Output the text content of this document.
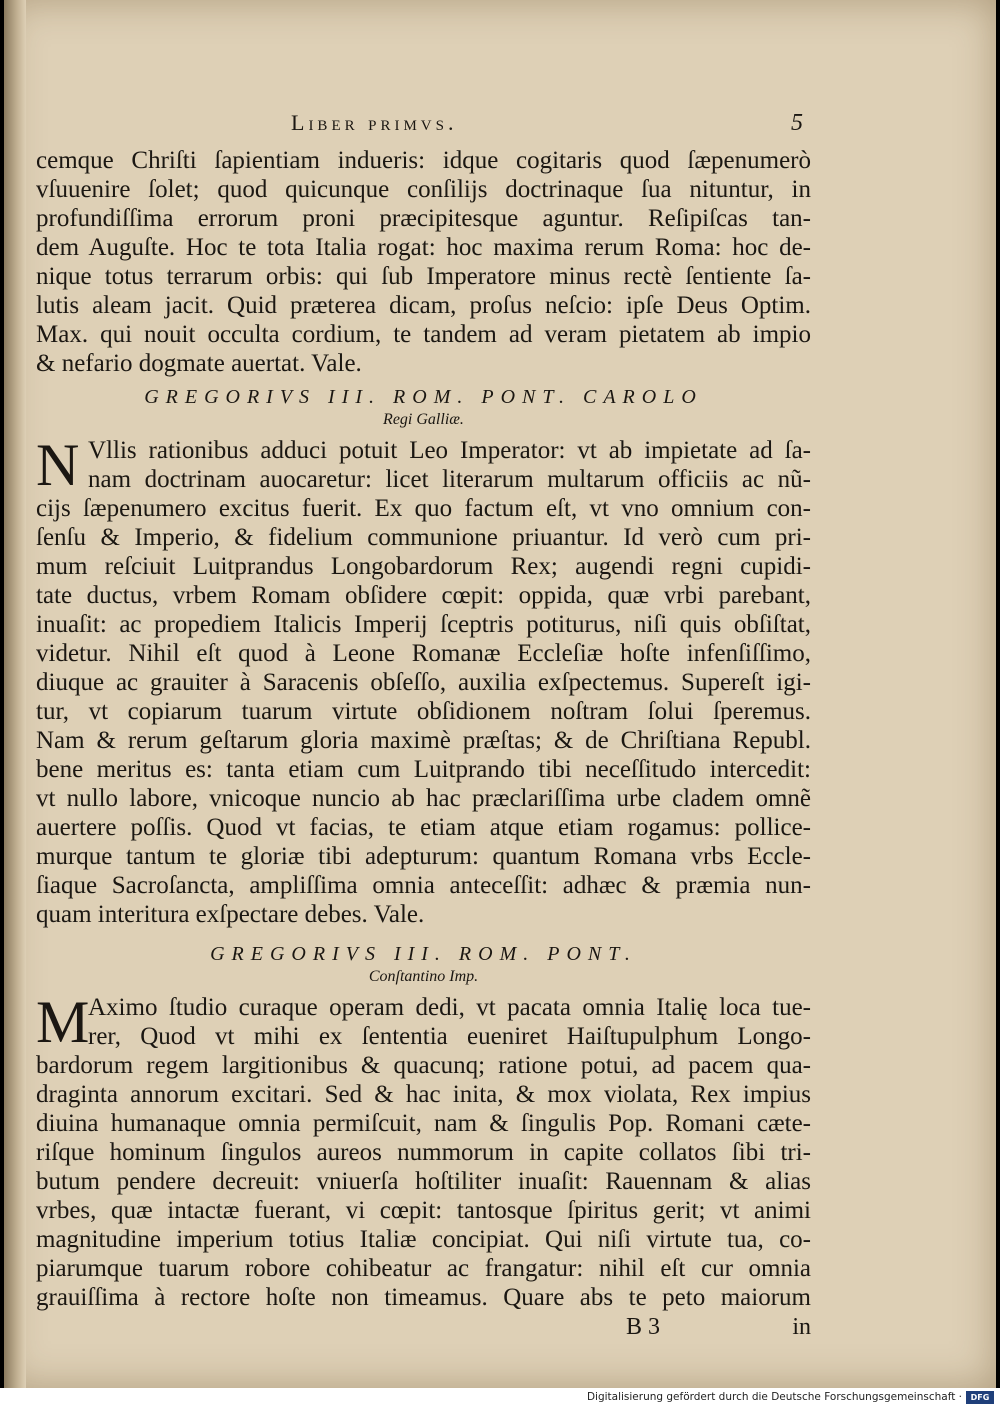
Liber primvs.	5

cemque Chriſti ſapientiam indueris: idque cogitaris quod ſæpenumerò

vſuuenire ſolet; quod quicunque conſilijs doctrinaque ſua nituntur, in

profundiſſima errorum proni præcipitesque aguntur. Reſipiſcas tan-

dem Auguſte. Hoc te tota Italia rogat: hoc maxima rerum Roma: hoc de-

nique totus terrarum orbis: qui ſub Imperatore minus rectè ſentiente ſa-

lutis aleam jacit. Quid præterea dicam, proſus neſcio: ipſe Deus Optim.

Max. qui nouit occulta cordium, te tandem ad veram pietatem ab impio

& nefario dogmate auertat. Vale.

GREGORIVS III. ROM. PONT. CAROLO

Regi Galliæ.

N Vllis rationibus adduci potuit Leo Imperator: vt ab impietate ad ſa-

nam doctrinam auocaretur: licet literarum multarum officiis ac nũ-

cijs ſæpenumero excitus fuerit. Ex quo factum eſt, vt vno omnium con-

ſenſu & Imperio, & fidelium communione priuantur. Id verò cum pri-

mum reſciuit Luitprandus Longobardorum Rex; augendi regni cupidi-

tate ductus, vrbem Romam obſidere cœpit: oppida, quæ vrbi parebant,

inuaſit: ac propediem Italicis Imperij ſceptris potiturus, niſi quis obſiſtat,

videtur. Nihil eſt quod à Leone Romanæ Eccleſiæ hoſte infenſiſſimo,

diuque ac grauiter à Saracenis obſeſſo, auxilia exſpectemus. Supereſt igi-

tur, vt copiarum tuarum virtute obſidionem noſtram ſolui ſperemus.

Nam & rerum geſtarum gloria maximè præſtas; & de Chriſtiana Republ.

bene meritus es: tanta etiam cum Luitprando tibi neceſſitudo intercedit:

vt nullo labore, vnicoque nuncio ab hac præclariſſima urbe cladem omnẽ

auertere poſſis. Quod vt facias, te etiam atque etiam rogamus: pollice-

murque tantum te gloriæ tibi adepturum: quantum Romana vrbs Eccle-

ſiaque Sacroſancta, ampliſſima omnia anteceſſit: adhæc & præmia nun-

quam interitura exſpectare debes. Vale.

GREGORIVS III. ROM. PONT.

Conſtantino Imp.

M

Aximo ſtudio curaque operam dedi, vt pacata omnia Italię loca tue-

rer, Quod vt mihi ex ſententia eueniret Haiſtupulphum Longo-

bardorum regem largitionibus & quacunq; ratione potui, ad pacem qua-

draginta annorum excitari. Sed & hac inita, & mox violata, Rex impius

diuina humanaque omnia permiſcuit, nam & ſingulis Pop. Romani cæte-

riſque hominum ſingulos aureos nummorum in capite collatos ſibi tri-

butum pendere decreuit: vniuerſa hoſtiliter inuaſit: Rauennam & alias

vrbes, quæ intactæ fuerant, vi cœpit: tantosque ſpiritus gerit; vt animi

magnitudine imperium totius Italiæ concipiat. Qui niſi virtute tua, co-

piarumque tuarum robore cohibeatur ac frangatur: nihil eſt cur omnia

grauiſſima à rectore hoſte non timeamus. Quare abs te peto maiorum

B 3	in
Digitalisierung gefördert durch die Deutsche Forschungsgemeinschaft ·	DFG
